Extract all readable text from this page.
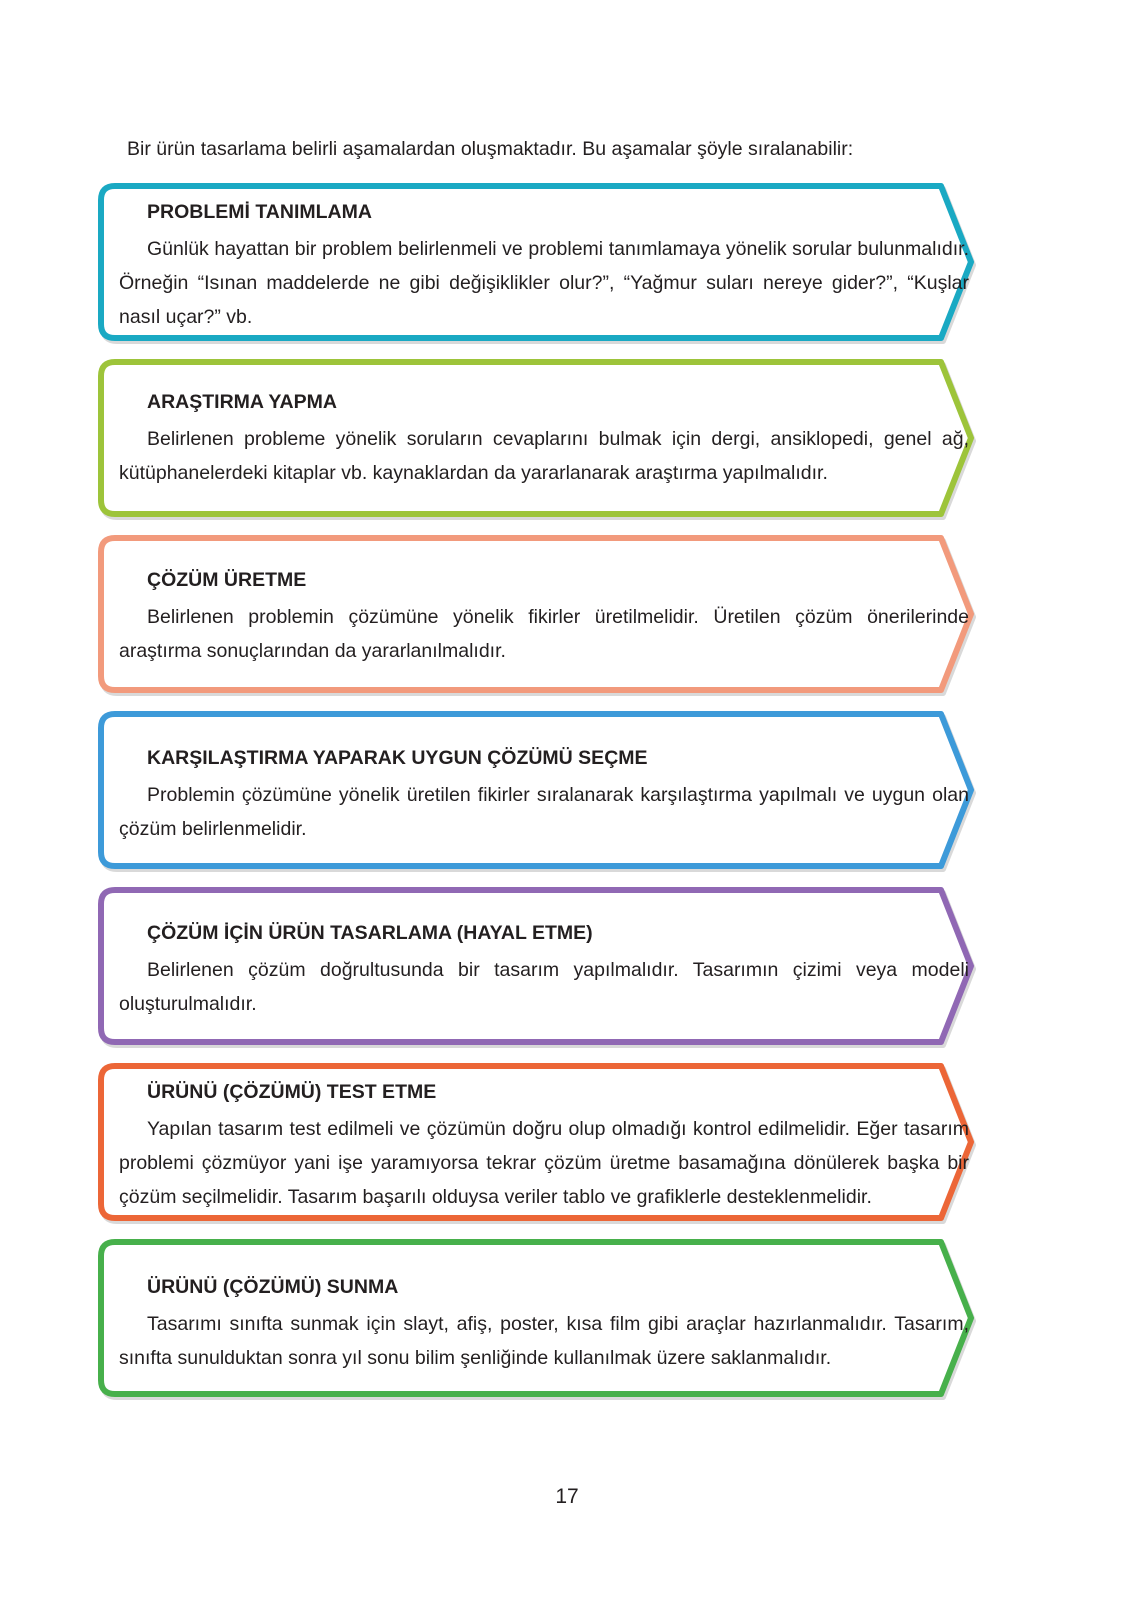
Bir ürün tasarlama belirli aşamalardan oluşmaktadır. Bu aşamalar şöyle sıralanabilir:

PROBLEMİ TANIMLAMA

Günlük hayattan bir problem belirlenmeli ve problemi tanımlamaya yönelik sorular bulunmalıdır. Örneğin “Isınan maddelerde ne gibi değişiklikler olur?”, “Yağmur suları nereye gider?”, “Kuşlar nasıl uçar?” vb.

ARAŞTIRMA YAPMA

Belirlenen probleme yönelik soruların cevaplarını bulmak için dergi, ansiklopedi, genel ağ, kütüphanelerdeki kitaplar vb. kaynaklardan da yararlanarak araştırma yapılmalıdır.

ÇÖZÜM ÜRETME

Belirlenen problemin çözümüne yönelik fikirler üretilmelidir. Üretilen çözüm önerilerinde araştırma sonuçlarından da yararlanılmalıdır.

KARŞILAŞTIRMA YAPARAK UYGUN ÇÖZÜMÜ SEÇME

Problemin çözümüne yönelik üretilen fikirler sıralanarak karşılaştırma yapılmalı ve uygun olan çözüm belirlenmelidir.

ÇÖZÜM İÇİN ÜRÜN TASARLAMA (HAYAL ETME)

Belirlenen çözüm doğrultusunda bir tasarım yapılmalıdır. Tasarımın çizimi veya modeli oluşturulmalıdır.

ÜRÜNÜ (ÇÖZÜMÜ) TEST ETME

Yapılan tasarım test edilmeli ve çözümün doğru olup olmadığı kontrol edilmelidir. Eğer tasarım problemi çözmüyor yani işe yaramıyorsa tekrar çözüm üretme basamağına dönülerek başka bir çözüm seçilmelidir. Tasarım başarılı olduysa veriler tablo ve grafiklerle desteklenmelidir.

ÜRÜNÜ (ÇÖZÜMÜ) SUNMA

Tasarımı sınıfta sunmak için slayt, afiş, poster, kısa film gibi araçlar hazırlanmalıdır. Tasarım, sınıfta sunulduktan sonra yıl sonu bilim şenliğinde kullanılmak üzere saklanmalıdır.

17
